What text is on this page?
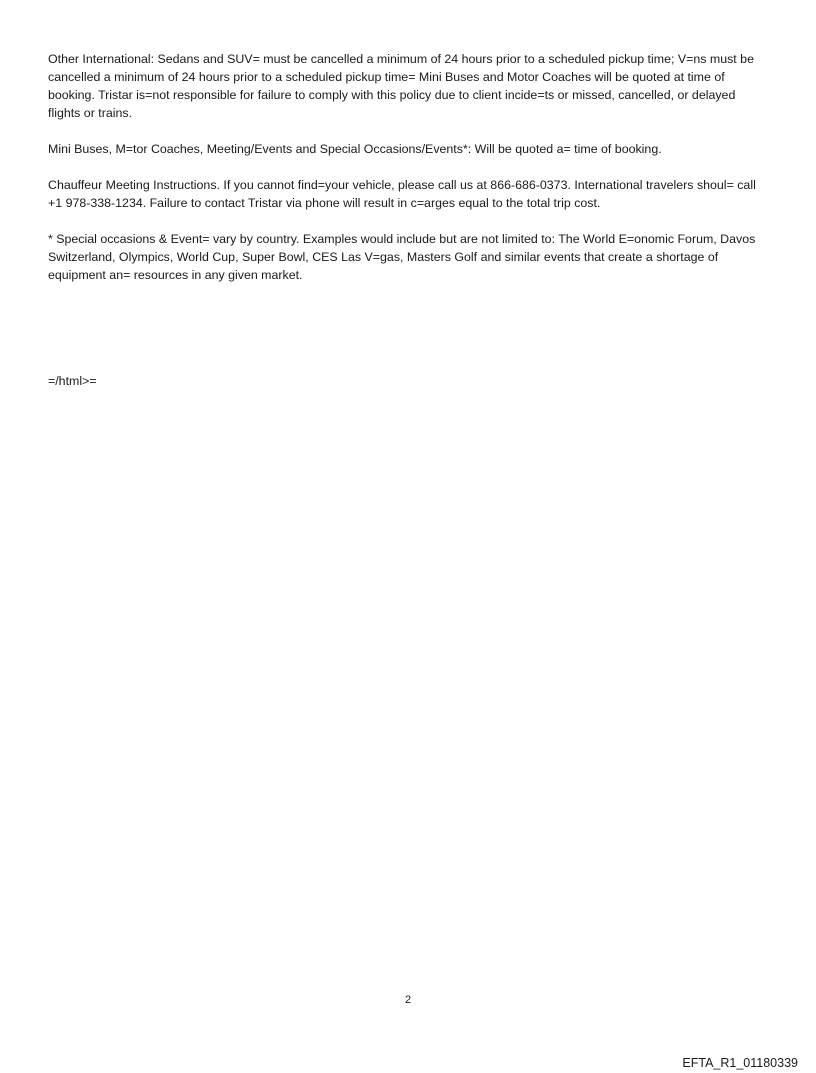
Other International: Sedans and SUV= must be cancelled a minimum of 24 hours prior to a scheduled pickup time; V=ns must be cancelled a minimum of 24 hours prior to a scheduled pickup time= Mini Buses and Motor Coaches will be quoted at time of booking. Tristar is=not responsible for failure to comply with this policy due to client incide=ts or missed, cancelled, or delayed flights or trains.

Mini Buses, M=tor Coaches, Meeting/Events and Special Occasions/Events*: Will be quoted a= time of booking.

Chauffeur Meeting Instructions. If you cannot find=your vehicle, please call us at 866-686-0373. International travelers shoul= call +1 978-338-1234. Failure to contact Tristar via phone will result in c=arges equal to the total trip cost.

* Special occasions & Event= vary by country. Examples would include but are not limited to: The World E=onomic Forum, Davos Switzerland, Olympics, World Cup, Super Bowl, CES Las V=gas, Masters Golf and similar events that create a shortage of equipment an= resources in any given market.

=/html>=
2
EFTA_R1_01180339
